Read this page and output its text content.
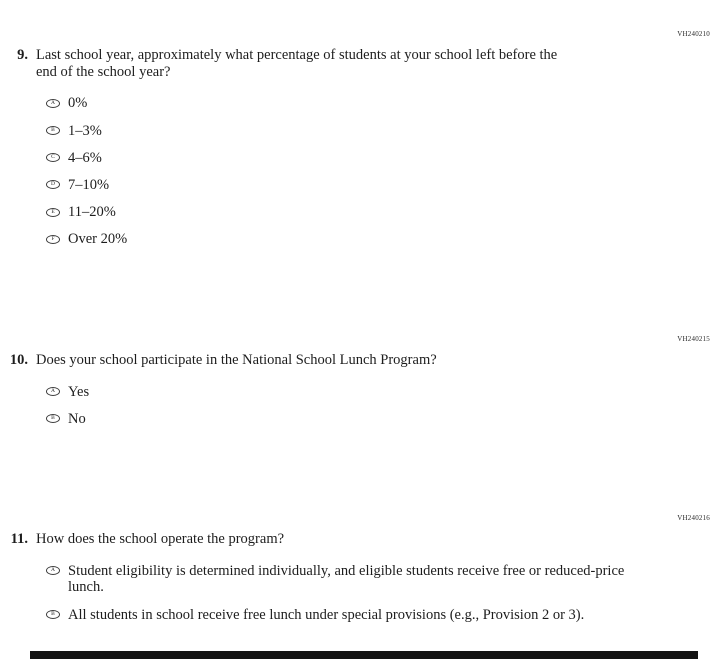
VH240210
9. Last school year, approximately what percentage of students at your school left before the end of the school year?
A 0%
B 1–3%
C 4–6%
D 7–10%
E 11–20%
F Over 20%
VH240215
10. Does your school participate in the National School Lunch Program?
A Yes
B No
VH240216
11. How does the school operate the program?
A Student eligibility is determined individually, and eligible students receive free or reduced-price lunch.
B All students in school receive free lunch under special provisions (e.g., Provision 2 or 3).
